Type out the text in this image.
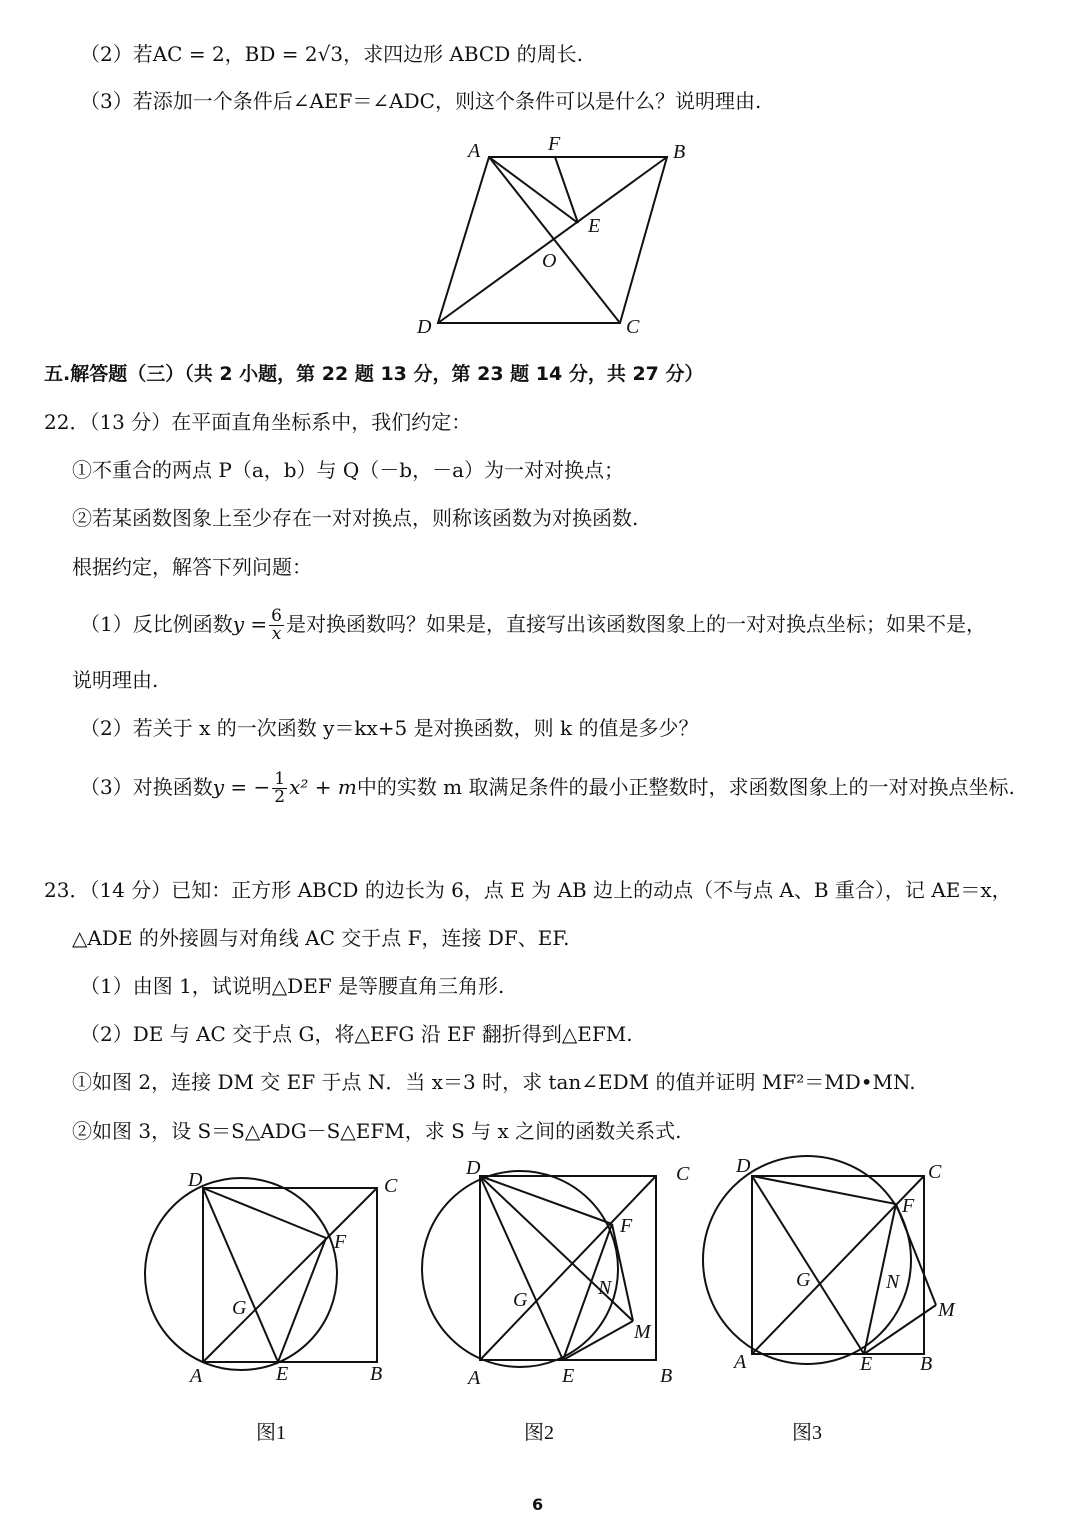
（2）若AC = 2，BD = 2√3，求四边形 ABCD 的周长.
（3）若添加一个条件后∠AEF＝∠ADC，则这个条件可以是什么？说明理由.
A	F	B
E
O
D	C
五.解答题（三）（共 2 小题，第 22 题 13 分，第 23 题 14 分，共 27 分）
22．（13 分）在平面直角坐标系中，我们约定：
①不重合的两点 P（a，b）与 Q（－b，－a）为一对对换点；
②若某函数图象上至少存在一对对换点，则称该函数为对换函数.
根据约定，解答下列问题：
（1）反比例函数$y = \frac{6}{x}$ 是对换函数吗？如果是，直接写出该函数图象上的一对对换点坐标；如果不是，
说明理由.
（2）若关于 x 的一次函数 y＝kx+5 是对换函数，则 k 的值是多少？
（3）对换函数y = − $\frac{1}{2} x^2 + m$中的实数 m 取满足条件的最小正整数时，求函数图象上的一对对换点坐标.
23．（14 分）已知：正方形 ABCD 的边长为 6，点 E 为 AB 边上的动点（不与点 A、B 重合），记 AE＝x，
△ADE 的外接圆与对角线 AC 交于点 F，连接 DF、EF.
（1）由图 1，试说明△DEF 是等腰直角三角形.
（2）DE 与 AC 交于点 G，将△EFG 沿 EF 翻折得到△EFM.
①如图 2，连接 DM 交 EF 于点 N．当 x＝3 时，求 tan∠EDM 的值并证明 MF²＝MD•MN.
②如图 3，设 S＝S△ADG－S△EFM，求 S 与 x 之间的函数关系式.
D	C
F
G
A	E	B
D	C
F
N
G
M
A	E	B
D	C
F
G	N
M
A	E B
图1	图2	图3
6
